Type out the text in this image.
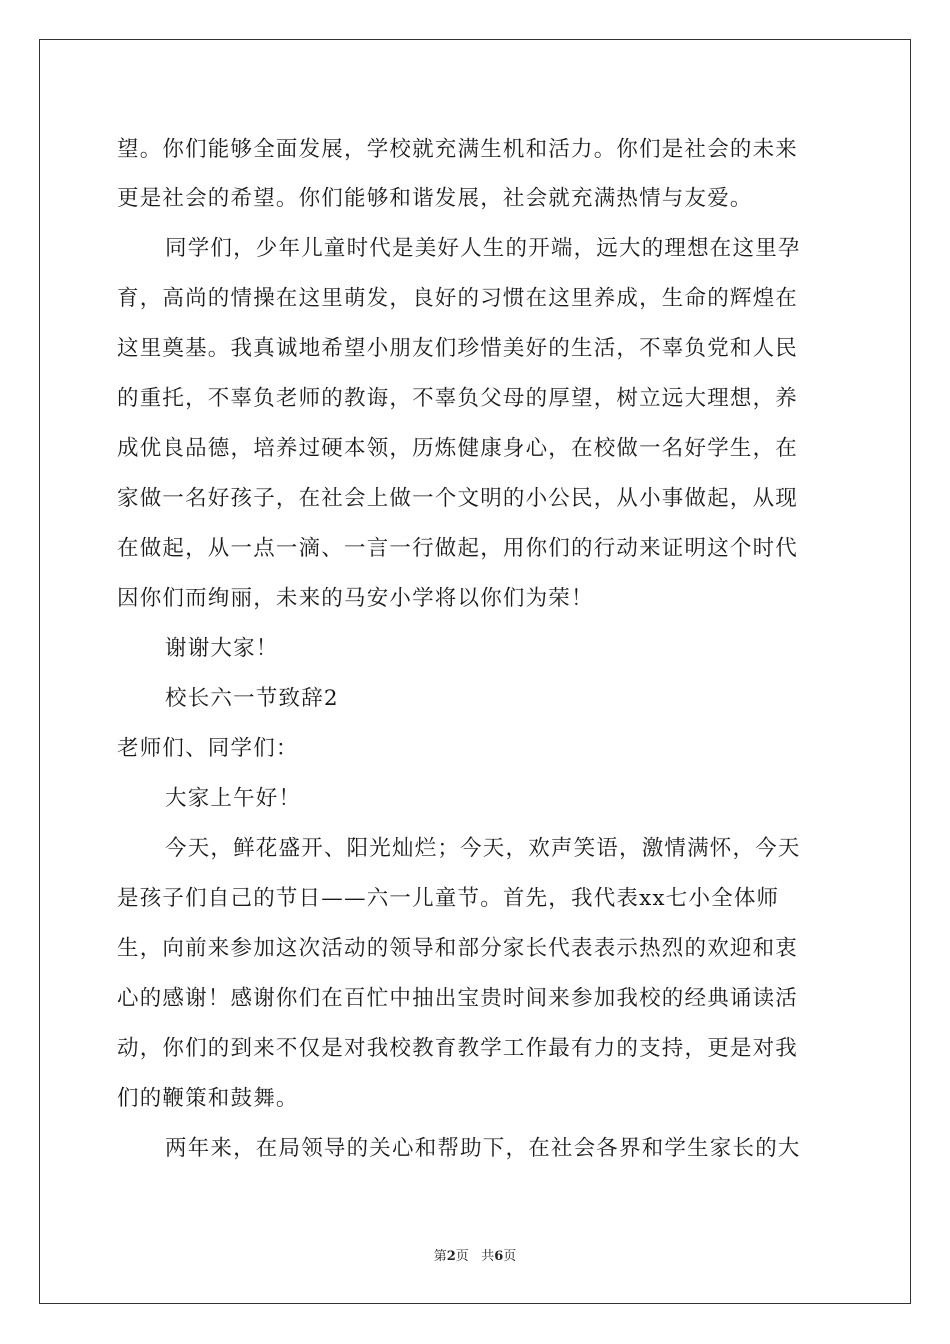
望。你们能够全面发展，学校就充满生机和活力。你们是社会的未来
更是社会的希望。你们能够和谐发展，社会就充满热情与友爱。
同学们，少年儿童时代是美好人生的开端，远大的理想在这里孕
育，高尚的情操在这里萌发，良好的习惯在这里养成，生命的辉煌在
这里奠基。我真诚地希望小朋友们珍惜美好的生活，不辜负党和人民
的重托，不辜负老师的教诲，不辜负父母的厚望，树立远大理想，养
成优良品德，培养过硬本领，历炼健康身心，在校做一名好学生，在
家做一名好孩子，在社会上做一个文明的小公民，从小事做起，从现
在做起，从一点一滴、一言一行做起，用你们的行动来证明这个时代
因你们而绚丽，未来的马安小学将以你们为荣！
谢谢大家！
校长六一节致辞2
老师们、同学们：
大家上午好！
今天，鲜花盛开、阳光灿烂；今天，欢声笑语，激情满怀，今天
是孩子们自己的节日——六一儿童节。首先，我代表xx七小全体师
生，向前来参加这次活动的领导和部分家长代表表示热烈的欢迎和衷
心的感谢！感谢你们在百忙中抽出宝贵时间来参加我校的经典诵读活
动，你们的到来不仅是对我校教育教学工作最有力的支持，更是对我
们的鞭策和鼓舞。
两年来，在局领导的关心和帮助下，在社会各界和学生家长的大
第2页 共6页
